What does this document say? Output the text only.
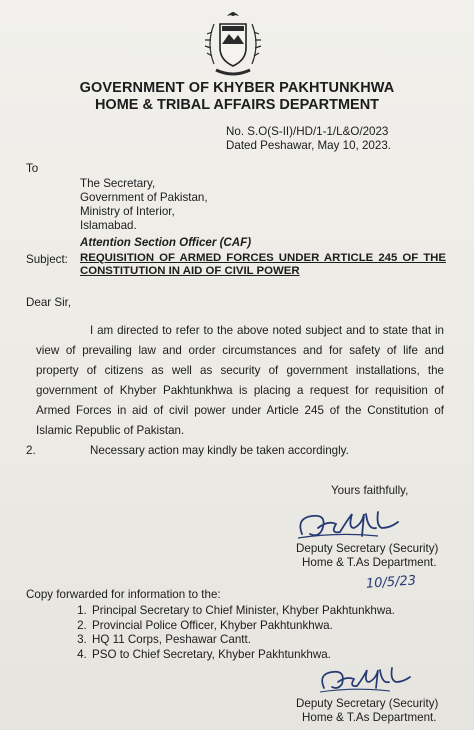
GOVERNMENT OF KHYBER PAKHTUNKHWA
HOME & TRIBAL AFFAIRS DEPARTMENT
No. S.O(S-II)/HD/1-1/L&O/2023
Dated Peshawar, May 10, 2023.
To
The Secretary,
Government of Pakistan,
Ministry of Interior,
Islamabad.
Attention Section Officer (CAF)
Subject: REQUISITION OF ARMED FORCES UNDER ARTICLE 245 OF THE CONSTITUTION IN AID OF CIVIL POWER
Dear Sir,
I am directed to refer to the above noted subject and to state that in view of prevailing law and order circumstances and for safety of life and property of citizens as well as security of government installations, the government of Khyber Pakhtunkhwa is placing a request for requisition of Armed Forces in aid of civil power under Article 245 of the Constitution of Islamic Republic of Pakistan.
2.	Necessary action may kindly be taken accordingly.
Yours faithfully,
Deputy Secretary (Security)
Home & T.As Department.
10/5/23
Copy forwarded for information to the:
1. Principal Secretary to Chief Minister, Khyber Pakhtunkhwa.
2. Provincial Police Officer, Khyber Pakhtunkhwa.
3. HQ 11 Corps, Peshawar Cantt.
4. PSO to Chief Secretary, Khyber Pakhtunkhwa.
Deputy Secretary (Security)
Home & T.As Department.
